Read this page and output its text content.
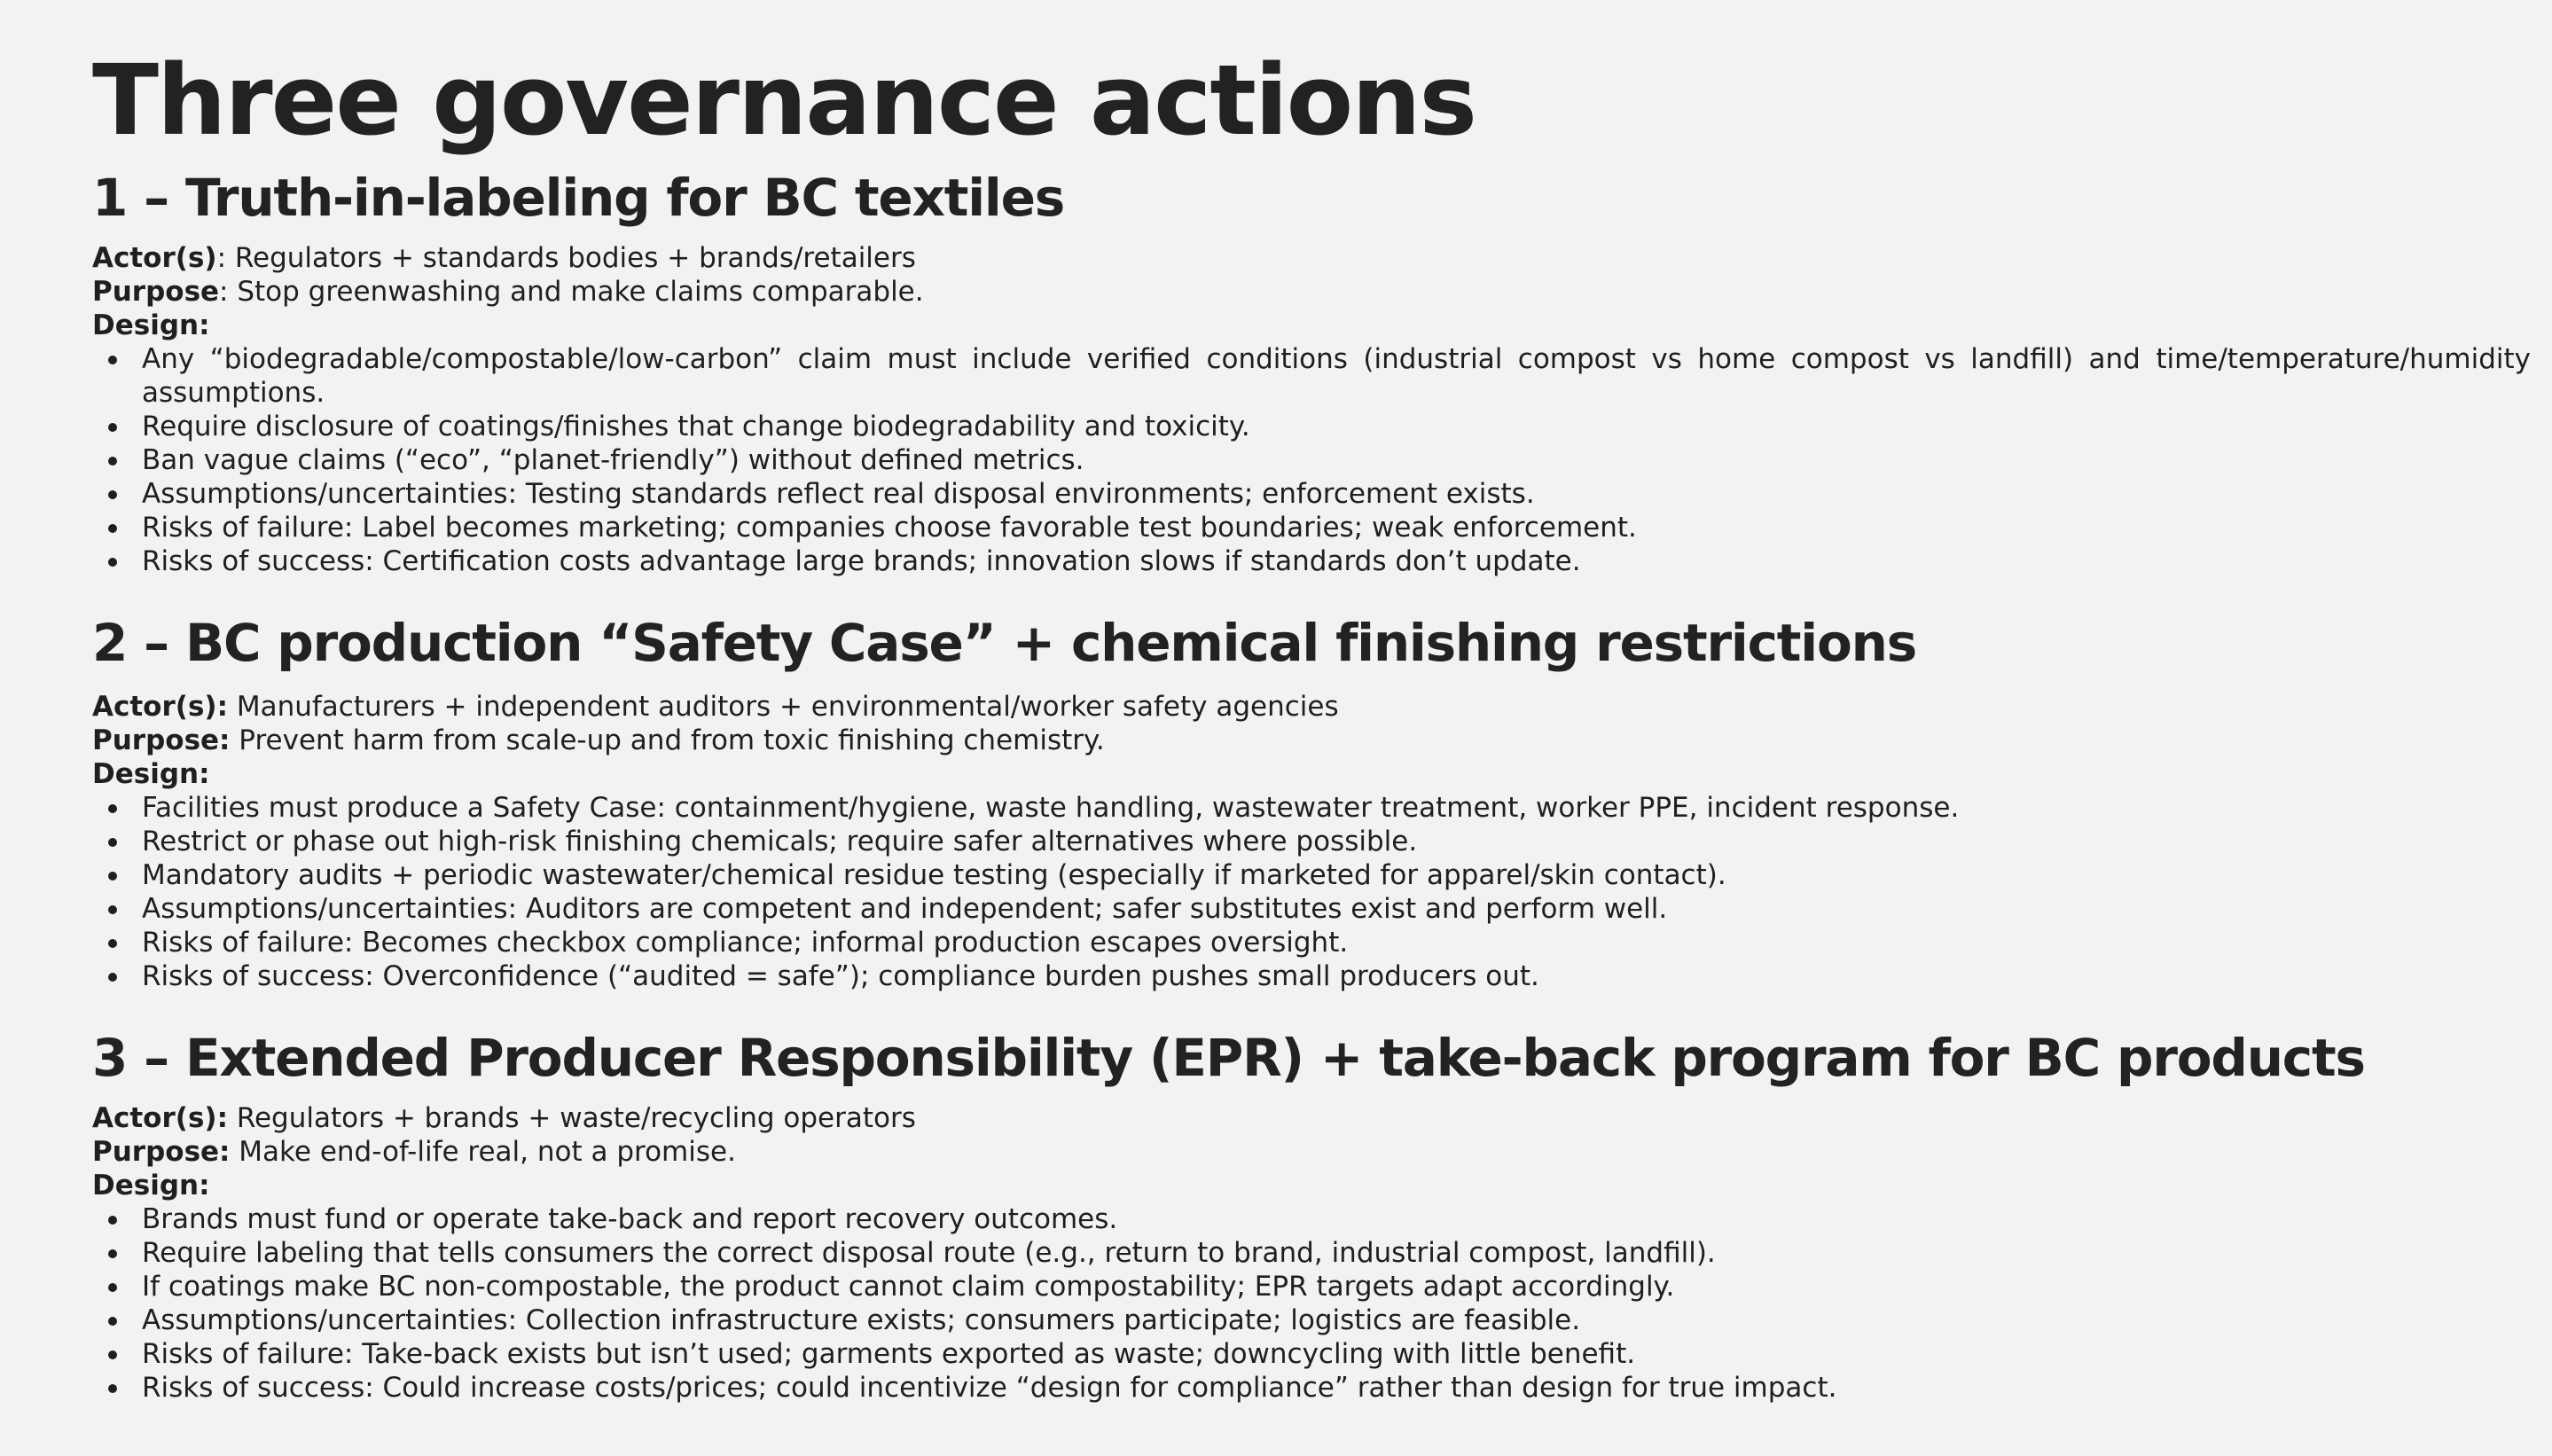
Three governance actions
1 – Truth-in-labeling for BC textiles

Actor(s): Regulators + standards bodies + brands/retailers

Purpose: Stop greenwashing and make claims comparable.

Design:

Any “biodegradable/compostable/low-carbon” claim must include verified conditions (industrial compost vs home compost vs landfill) and time/temperature/humidity assumptions.
Require disclosure of coatings/finishes that change biodegradability and toxicity.
Ban vague claims (“eco”, “planet-friendly”) without defined metrics.
Assumptions/uncertainties: Testing standards reflect real disposal environments; enforcement exists.
Risks of failure: Label becomes marketing; companies choose favorable test boundaries; weak enforcement.
Risks of success: Certification costs advantage large brands; innovation slows if standards don’t update.
2 – BC production “Safety Case” + chemical finishing restrictions

Actor(s): Manufacturers + independent auditors + environmental/worker safety agencies

Purpose: Prevent harm from scale-up and from toxic finishing chemistry.

Design:

Facilities must produce a Safety Case: containment/hygiene, waste handling, wastewater treatment, worker PPE, incident response.
Restrict or phase out high-risk finishing chemicals; require safer alternatives where possible.
Mandatory audits + periodic wastewater/chemical residue testing (especially if marketed for apparel/skin contact).
Assumptions/uncertainties: Auditors are competent and independent; safer substitutes exist and perform well.
Risks of failure: Becomes checkbox compliance; informal production escapes oversight.
Risks of success: Overconfidence (“audited = safe”); compliance burden pushes small producers out.
3 – Extended Producer Responsibility (EPR) + take-back program for BC products

Actor(s): Regulators + brands + waste/recycling operators

Purpose: Make end-of-life real, not a promise.

Design:

Brands must fund or operate take-back and report recovery outcomes.
Require labeling that tells consumers the correct disposal route (e.g., return to brand, industrial compost, landfill).
If coatings make BC non-compostable, the product cannot claim compostability; EPR targets adapt accordingly.
Assumptions/uncertainties: Collection infrastructure exists; consumers participate; logistics are feasible.
Risks of failure: Take-back exists but isn’t used; garments exported as waste; downcycling with little benefit.
Risks of success: Could increase costs/prices; could incentivize “design for compliance” rather than design for true impact.
